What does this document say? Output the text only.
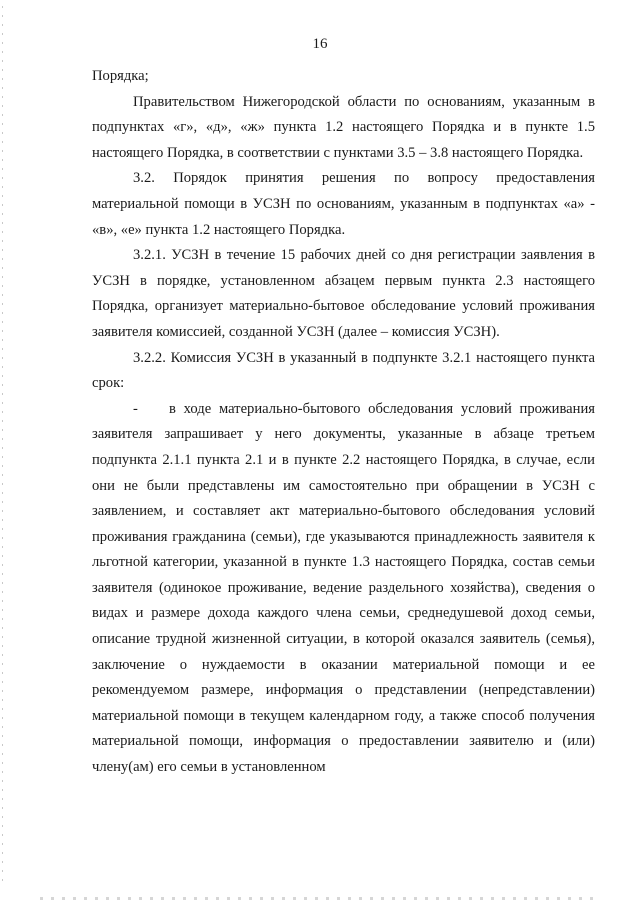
16

Порядка;

Правительством Нижегородской области по основаниям, указанным в подпунктах «г», «д», «ж» пункта 1.2 настоящего Порядка и в пункте 1.5 настоящего Порядка, в соответствии с пунктами 3.5 – 3.8 настоящего Порядка.

3.2. Порядок принятия решения по вопросу предоставления материальной помощи в УСЗН по основаниям, указанным в подпунктах «а» - «в», «е» пункта 1.2 настоящего Порядка.

3.2.1. УСЗН в течение 15 рабочих дней со дня регистрации заявления в УСЗН в порядке, установленном абзацем первым пункта 2.3 настоящего Порядка, организует материально-бытовое обследование условий проживания заявителя комиссией, созданной УСЗН (далее – комиссия УСЗН).

3.2.2. Комиссия УСЗН в указанный в подпункте 3.2.1 настоящего пункта срок:

- в ходе материально-бытового обследования условий проживания заявителя запрашивает у него документы, указанные в абзаце третьем подпункта 2.1.1 пункта 2.1 и в пункте 2.2 настоящего Порядка, в случае, если они не были представлены им самостоятельно при обращении в УСЗН с заявлением, и составляет акт материально-бытового обследования условий проживания гражданина (семьи), где указываются принадлежность заявителя к льготной категории, указанной в пункте 1.3 настоящего Порядка, состав семьи заявителя (одинокое проживание, ведение раздельного хозяйства), сведения о видах и размере дохода каждого члена семьи, среднедушевой доход семьи, описание трудной жизненной ситуации, в которой оказался заявитель (семья), заключение о нуждаемости в оказании материальной помощи и ее рекомендуемом размере, информация о представлении (непредставлении) материальной помощи в текущем календарном году, а также способ получения материальной помощи, информация о предоставлении заявителю и (или) члену(ам) его семьи в установленном
